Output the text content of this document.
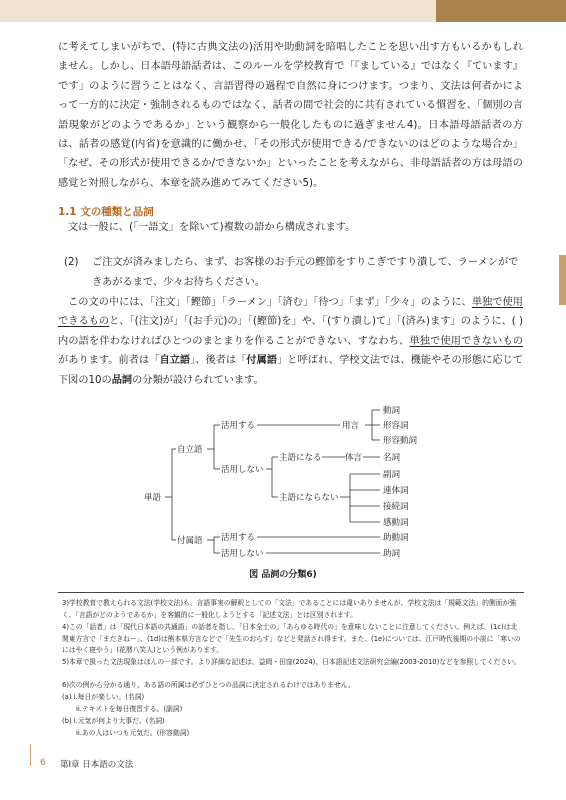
に考えてしまいがちで、(特に古典文法の)活用や助動詞を暗唱したことを思い出す方もいるかもしれません。しかし、日本語母語話者は、このルールを学校教育で「『ましている』ではなく『ています』です」のように習うことはなく、言語習得の過程で自然に身につけます。つまり、文法は何者かによって一方的に決定・強制されるものではなく、話者の間で社会的に共有されている慣習を、「個別の言語現象がどのようであるか」という観察から一般化したものに過ぎません4)。日本語母語話者の方は、話者の感覚(内省)を意識的に働かせ、「その形式が使用できる/できないのはどのような場合か」「なぜ、その形式が使用できるか/できないか」といったことを考えながら、非母語話者の方は母語の感覚と対照しながら、本章を読み進めてみてください5)。

1.1 文の種類と品詞

文は一般に、(「一語文」を除いて)複数の語から構成されます。

(2) ご注文が済みましたら、まず、お客様のお手元の鰹節をすりこぎですり潰して、ラーメンができあがるまで、少々お待ちください。

この文の中には、「注文」「鰹節」「ラーメン」「済む」「待つ」「まず」「少々」のように、単独で使用できるものと、「(注文)が」「(お手元)の」「(鰹節)を」や、「(すり潰し)て」「(済み)ます」のように、( )内の語を伴わなければひとつのまとまりを作ることができない、すなわち、単独で使用できないものがあります。前者は「自立語」、後者は「付属語」と呼ばれ、学校文法では、機能やその形態に応じて下図の10の品詞の分類が設けられています。

単語
自立語
付属語
活用する
活用しない
用言
主語になる	体言
主語にならない
活用する
活用しない
動詞
形容詞
形容動詞
名詞
副詞
連体詞
接続詞
感動詞
助動詞
助詞
図 品詞の分類6)

3)学校教育で教えられる文法(学校文法)も、言語事実の解釈としての「文法」であることには違いありませんが、学校文法は「規範文法」的側面が強く、「言語がどのようであるか」を客観的に一般化しようとする「記述文法」とは区別されます。

4)この「話者」は「現代日本語の共通語」の話者を指し、「日本全土の」「あらゆる時代の」を意味しないことに注意してください。例えば、(1c)は北関東方言で「まだきねー」、(1d)は熊本県方言などで「先生のおらす」などと発話され得ます。また、(1e)については、江戸時代後期の小説に「寒いのにはやく寝やう」(花暦八笑人)という例があります。

5)本章で扱った文法現象はほんの一部です。より詳細な記述は、益岡・田窪(2024)、日本語記述文法研究会編(2003-2010)などを参照してください。

6)次の例から分かる通り、ある語の所属は必ずひとつの品詞に決定されるわけではありません。

(a) i.毎日が楽しい。(名詞)

ii.テキストを毎日復習する。(副詞)

(b) i.元気が何より大事だ。(名詞)

ii.あの人はいつも元気だ。(形容動詞)

6 第Ⅰ章 日本語の文法
